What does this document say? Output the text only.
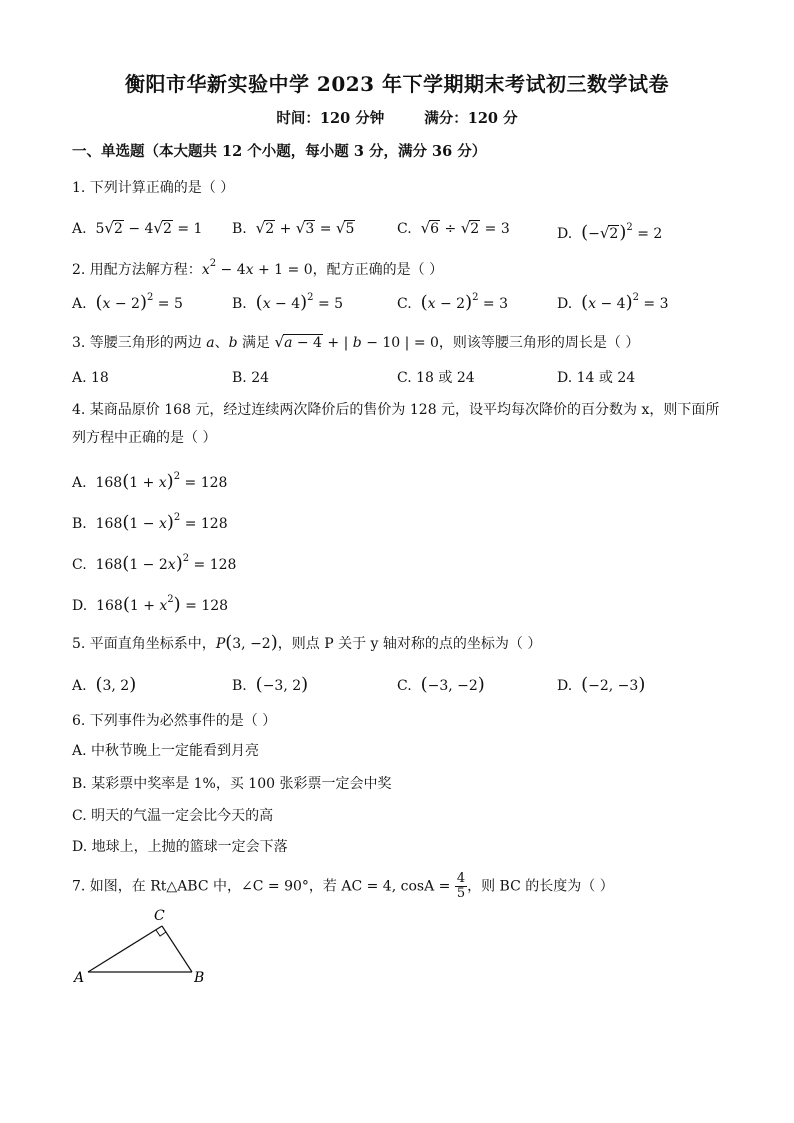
衡阳市华新实验中学 2023 年下学期期末考试初三数学试卷
时间：120 分钟	满分：120 分
一、单选题（本大题共 12 个小题，每小题 3 分，满分 36 分）
1. 下列计算正确的是（ ）
A. 5√2 − 4√2 = 1 B. √2 + √3 = √5	C. √6 ÷ √2 = 3	D. $(-√2)^2 = 2$
2. 用配方法解方程：$x^2 - 4x + 1 = 0$，配方正确的是（ ）
A. $(x - 2)^2 = 5$	B. $(x - 4)^2 = 5$	C. $(x - 2)^2 = 3$	D. $(x - 4)^2 = 3$
3. 等腰三角形的两边 a、b 满足 √a − 4 + | b − 10 | = 0，则该等腰三角形的周长是（ ）
A. 18	B. 24	C. 18 或 24	D. 14 或 24
4. 某商品原价 168 元，经过连续两次降价后的售价为 128 元，设平均每次降价的百分数为 x，则下面所列方程中正确的是（ ）
A.  $168(1 + x)^2 = 128$
B.  $168(1 - x)^2 = 128$
C.  $168(1 - 2x)^2 = 128$
D.  $168(1 + x^2) = 128$
5. 平面直角坐标系中，P(3, −2)，则点 P 关于 y 轴对称的点的坐标为（ ）
A. (3, 2)	B. (−3, 2)	C. (−3, −2)	D. (−2, −3)
6. 下列事件为必然事件的是（ ）
A. 中秋节晚上一定能看到月亮
B. 某彩票中奖率是 1%，买 100 张彩票一定会中奖
C. 明天的气温一定会比今天的高
D. 地球上，上抛的篮球一定会下落
7. 如图，在 Rt△ABC 中，∠C = 90°，若 AC = 4, $\cos A = \frac{4}{5}$ ，则 BC 的长度为（ ）
C
A	B
